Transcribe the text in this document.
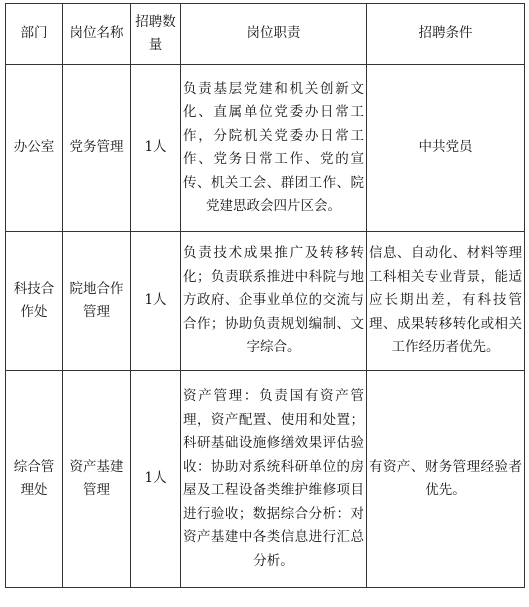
部门	岗位名称	招聘数量	岗位职责	招聘条件
办公室	党务管理	1人	负责基层党建和机关创新文化、直属单位党委办日常工作，分院机关党委办日常工作、党务日常工作、党的宣传、机关工会、群团工作、院党建思政会四片区会。	中共党员
科技合作处	院地合作管理	1人	负责技术成果推广及转移转化；负责联系推进中科院与地方政府、企事业单位的交流与合作；协助负责规划编制、文字综合。	信息、自动化、材料等理工科相关专业背景，能适应长期出差，有科技管理、成果转移转化或相关工作经历者优先。
综合管理处	资产基建管理	1人	资产管理：负责国有资产管理，资产配置、使用和处置；科研基础设施修缮效果评估验收：协助对系统科研单位的房屋及工程设备类维护维修项目进行验收；数据综合分析：对资产基建中各类信息进行汇总分析。	有资产、财务管理经验者优先。
